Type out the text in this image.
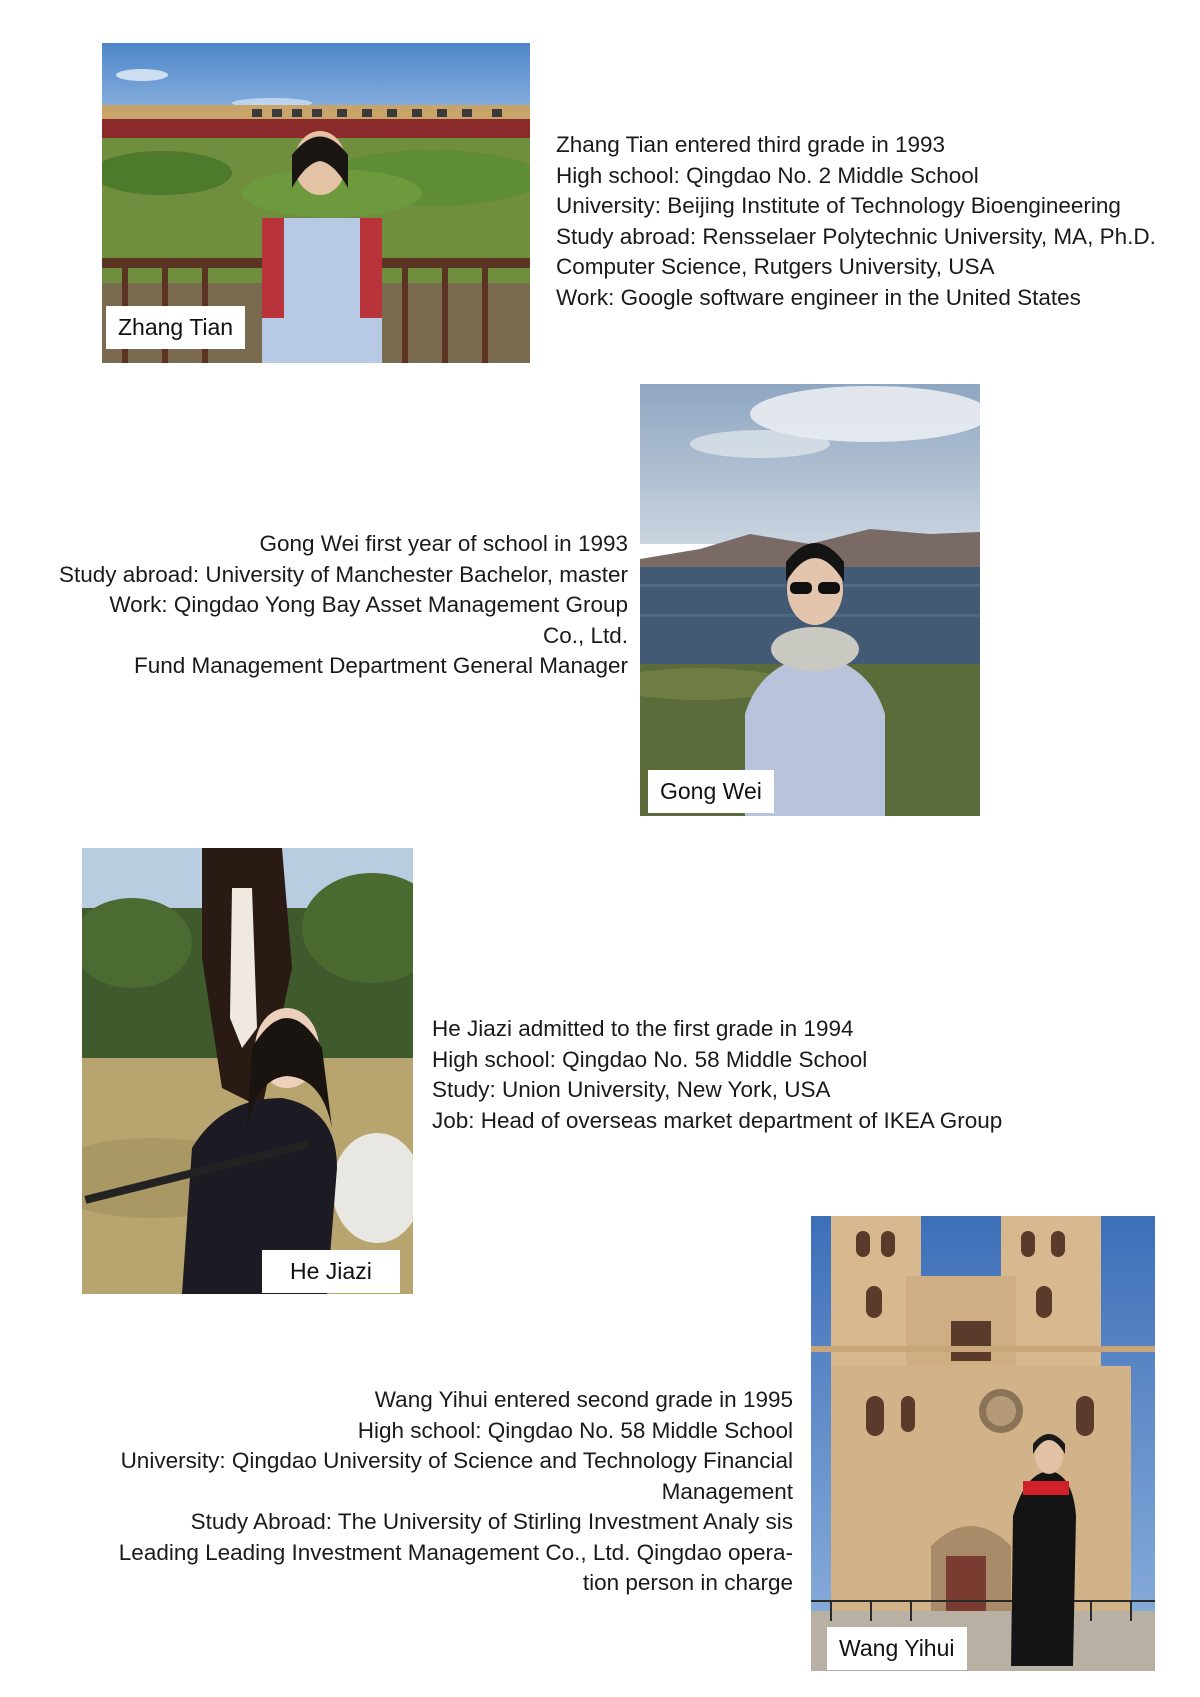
Zhang Tian
Zhang Tian entered third grade in 1993
High school: Qingdao No. 2 Middle School
University: Beijing Institute of Technology Bioengineering
Study abroad: Rensselaer Polytechnic University, MA, Ph.D.
Computer Science, Rutgers University, USA
Work: Google software engineer in the United States
Gong Wei
Gong Wei first year of school in 1993
Study abroad: University of Manchester Bachelor, master
Work: Qingdao Yong Bay Asset Management Group
Co., Ltd.
Fund Management Department General Manager
He Jiazi
He Jiazi admitted to the first grade in 1994
High school: Qingdao No. 58 Middle School
Study: Union University, New York, USA
Job: Head of overseas market department of IKEA Group
Wang Yihui
Wang Yihui entered second grade in 1995
High school: Qingdao No. 58 Middle School
University: Qingdao University of Science and Technology Financial
Management
Study Abroad: The University of Stirling Investment Analy sis
Leading Leading Investment Management Co., Ltd. Qingdao opera-
tion person in charge
